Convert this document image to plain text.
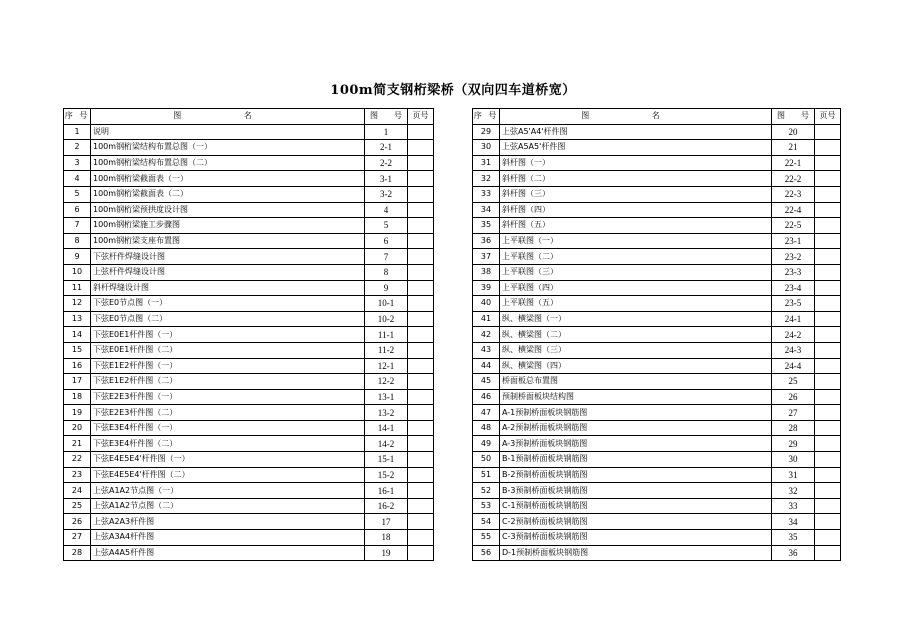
100m简支钢桁梁桥（双向四车道桥宽）
序 号	图 名	图 号	页号
1	说明	1	
2	100m钢桁梁结构布置总图（一）	2-1	
3	100m钢桁梁结构布置总图（二）	2-2	
4	100m钢桁梁截面表（一）	3-1	
5	100m钢桁梁截面表（二）	3-2	
6	100m钢桁梁预拱度设计图	4	
7	100m钢桁梁施工步骤图	5	
8	100m钢桁梁支座布置图	6	
9	下弦杆件焊缝设计图	7	
10	上弦杆件焊缝设计图	8	
11	斜杆焊缝设计图	9	
12	下弦E0节点图（一）	10-1	
13	下弦E0节点图（二）	10-2	
14	下弦E0E1杆件图（一）	11-1	
15	下弦E0E1杆件图（二）	11-2	
16	下弦E1E2杆件图（一）	12-1	
17	下弦E1E2杆件图（二）	12-2	
18	下弦E2E3杆件图（一）	13-1	
19	下弦E2E3杆件图（二）	13-2	
20	下弦E3E4杆件图（一）	14-1	
21	下弦E3E4杆件图（二）	14-2	
22	下弦E4E5E4'杆件图（一）	15-1	
23	下弦E4E5E4'杆件图（二）	15-2	
24	上弦A1A2节点图（一）	16-1	
25	上弦A1A2节点图（二）	16-2	
26	上弦A2A3杆件图	17	
27	上弦A3A4杆件图	18	
28	上弦A4A5杆件图	19	
序 号	图 名	图 号	页号
29	上弦A5'A4'杆件图	20	
30	上弦A5A5'杆件图	21	
31	斜杆图（一）	22-1	
32	斜杆图（二）	22-2	
33	斜杆图（三）	22-3	
34	斜杆图（四）	22-4	
35	斜杆图（五）	22-5	
36	上平联图（一）	23-1	
37	上平联图（二）	23-2	
38	上平联图（三）	23-3	
39	上平联图（四）	23-4	
40	上平联图（五）	23-5	
41	纵、横梁图（一）	24-1	
42	纵、横梁图（二）	24-2	
43	纵、横梁图（三）	24-3	
44	纵、横梁图（四）	24-4	
45	桥面板总布置图	25	
46	预制桥面板块结构图	26	
47	A-1预制桥面板块钢筋图	27	
48	A-2预制桥面板块钢筋图	28	
49	A-3预制桥面板块钢筋图	29	
50	B-1预制桥面板块钢筋图	30	
51	B-2预制桥面板块钢筋图	31	
52	B-3预制桥面板块钢筋图	32	
53	C-1预制桥面板块钢筋图	33	
54	C-2预制桥面板块钢筋图	34	
55	C-3预制桥面板块钢筋图	35	
56	D-1预制桥面板块钢筋图	36	
